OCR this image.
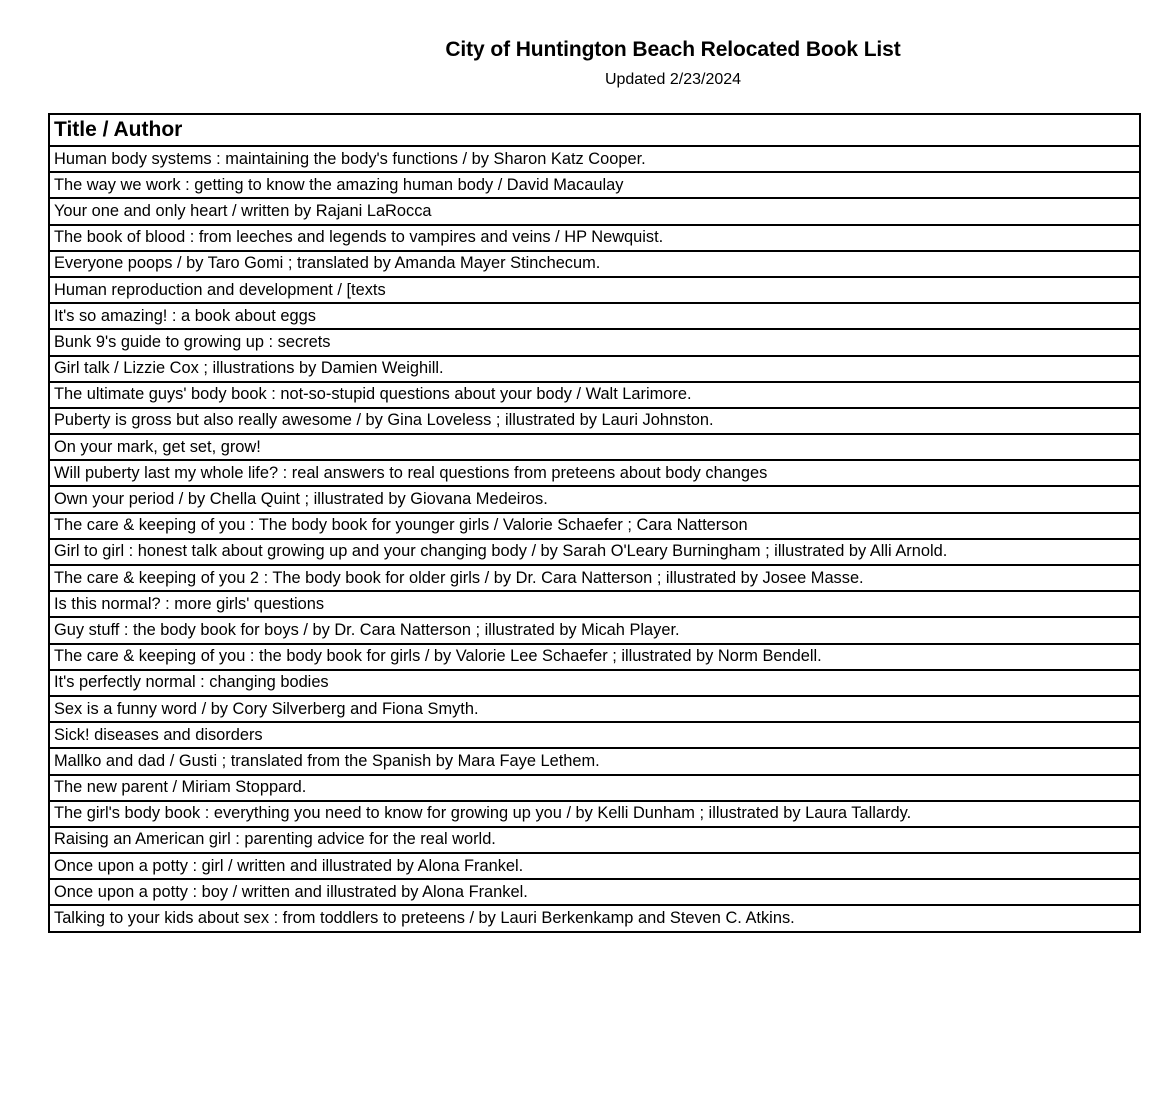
City of Huntington Beach Relocated Book List
Updated 2/23/2024
Title / Author
Human body systems : maintaining the body's functions / by Sharon Katz Cooper.
The way we work : getting to know the amazing human body / David Macaulay
Your one and only heart / written by Rajani LaRocca
The book of blood : from leeches and legends to vampires and veins / HP Newquist.
Everyone poops / by Taro Gomi ; translated by Amanda Mayer Stinchecum.
Human reproduction and development / [texts
It's so amazing! : a book about eggs
Bunk 9's guide to growing up : secrets
Girl talk / Lizzie Cox ; illustrations by Damien Weighill.
The ultimate guys' body book : not-so-stupid questions about your body / Walt Larimore.
Puberty is gross but also really awesome / by Gina Loveless ; illustrated by Lauri Johnston.
On your mark, get set, grow!
Will puberty last my whole life? : real answers to real questions from preteens about body changes
Own your period / by Chella Quint ; illustrated by Giovana Medeiros.
The care & keeping of you : The body book for younger girls / Valorie Schaefer ; Cara Natterson
Girl to girl : honest talk about growing up and your changing body / by Sarah O'Leary Burningham ; illustrated by Alli Arnold.
The care & keeping of you 2 : The body book for older girls / by Dr. Cara Natterson ; illustrated by Josee Masse.
Is this normal? : more girls' questions
Guy stuff : the body book for boys / by Dr. Cara Natterson ; illustrated by Micah Player.
The care & keeping of you : the body book for girls / by Valorie Lee Schaefer ; illustrated by Norm Bendell.
It's perfectly normal : changing bodies
Sex is a funny word / by Cory Silverberg and Fiona Smyth.
Sick! diseases and disorders
Mallko and dad / Gusti ; translated from the Spanish by Mara Faye Lethem.
The new parent / Miriam Stoppard.
The girl's body book : everything you need to know for growing up you / by Kelli Dunham ; illustrated by Laura Tallardy.
Raising an American girl : parenting advice for the real world.
Once upon a potty : girl / written and illustrated by Alona Frankel.
Once upon a potty : boy / written and illustrated by Alona Frankel.
Talking to your kids about sex : from toddlers to preteens / by Lauri Berkenkamp and Steven C. Atkins.
